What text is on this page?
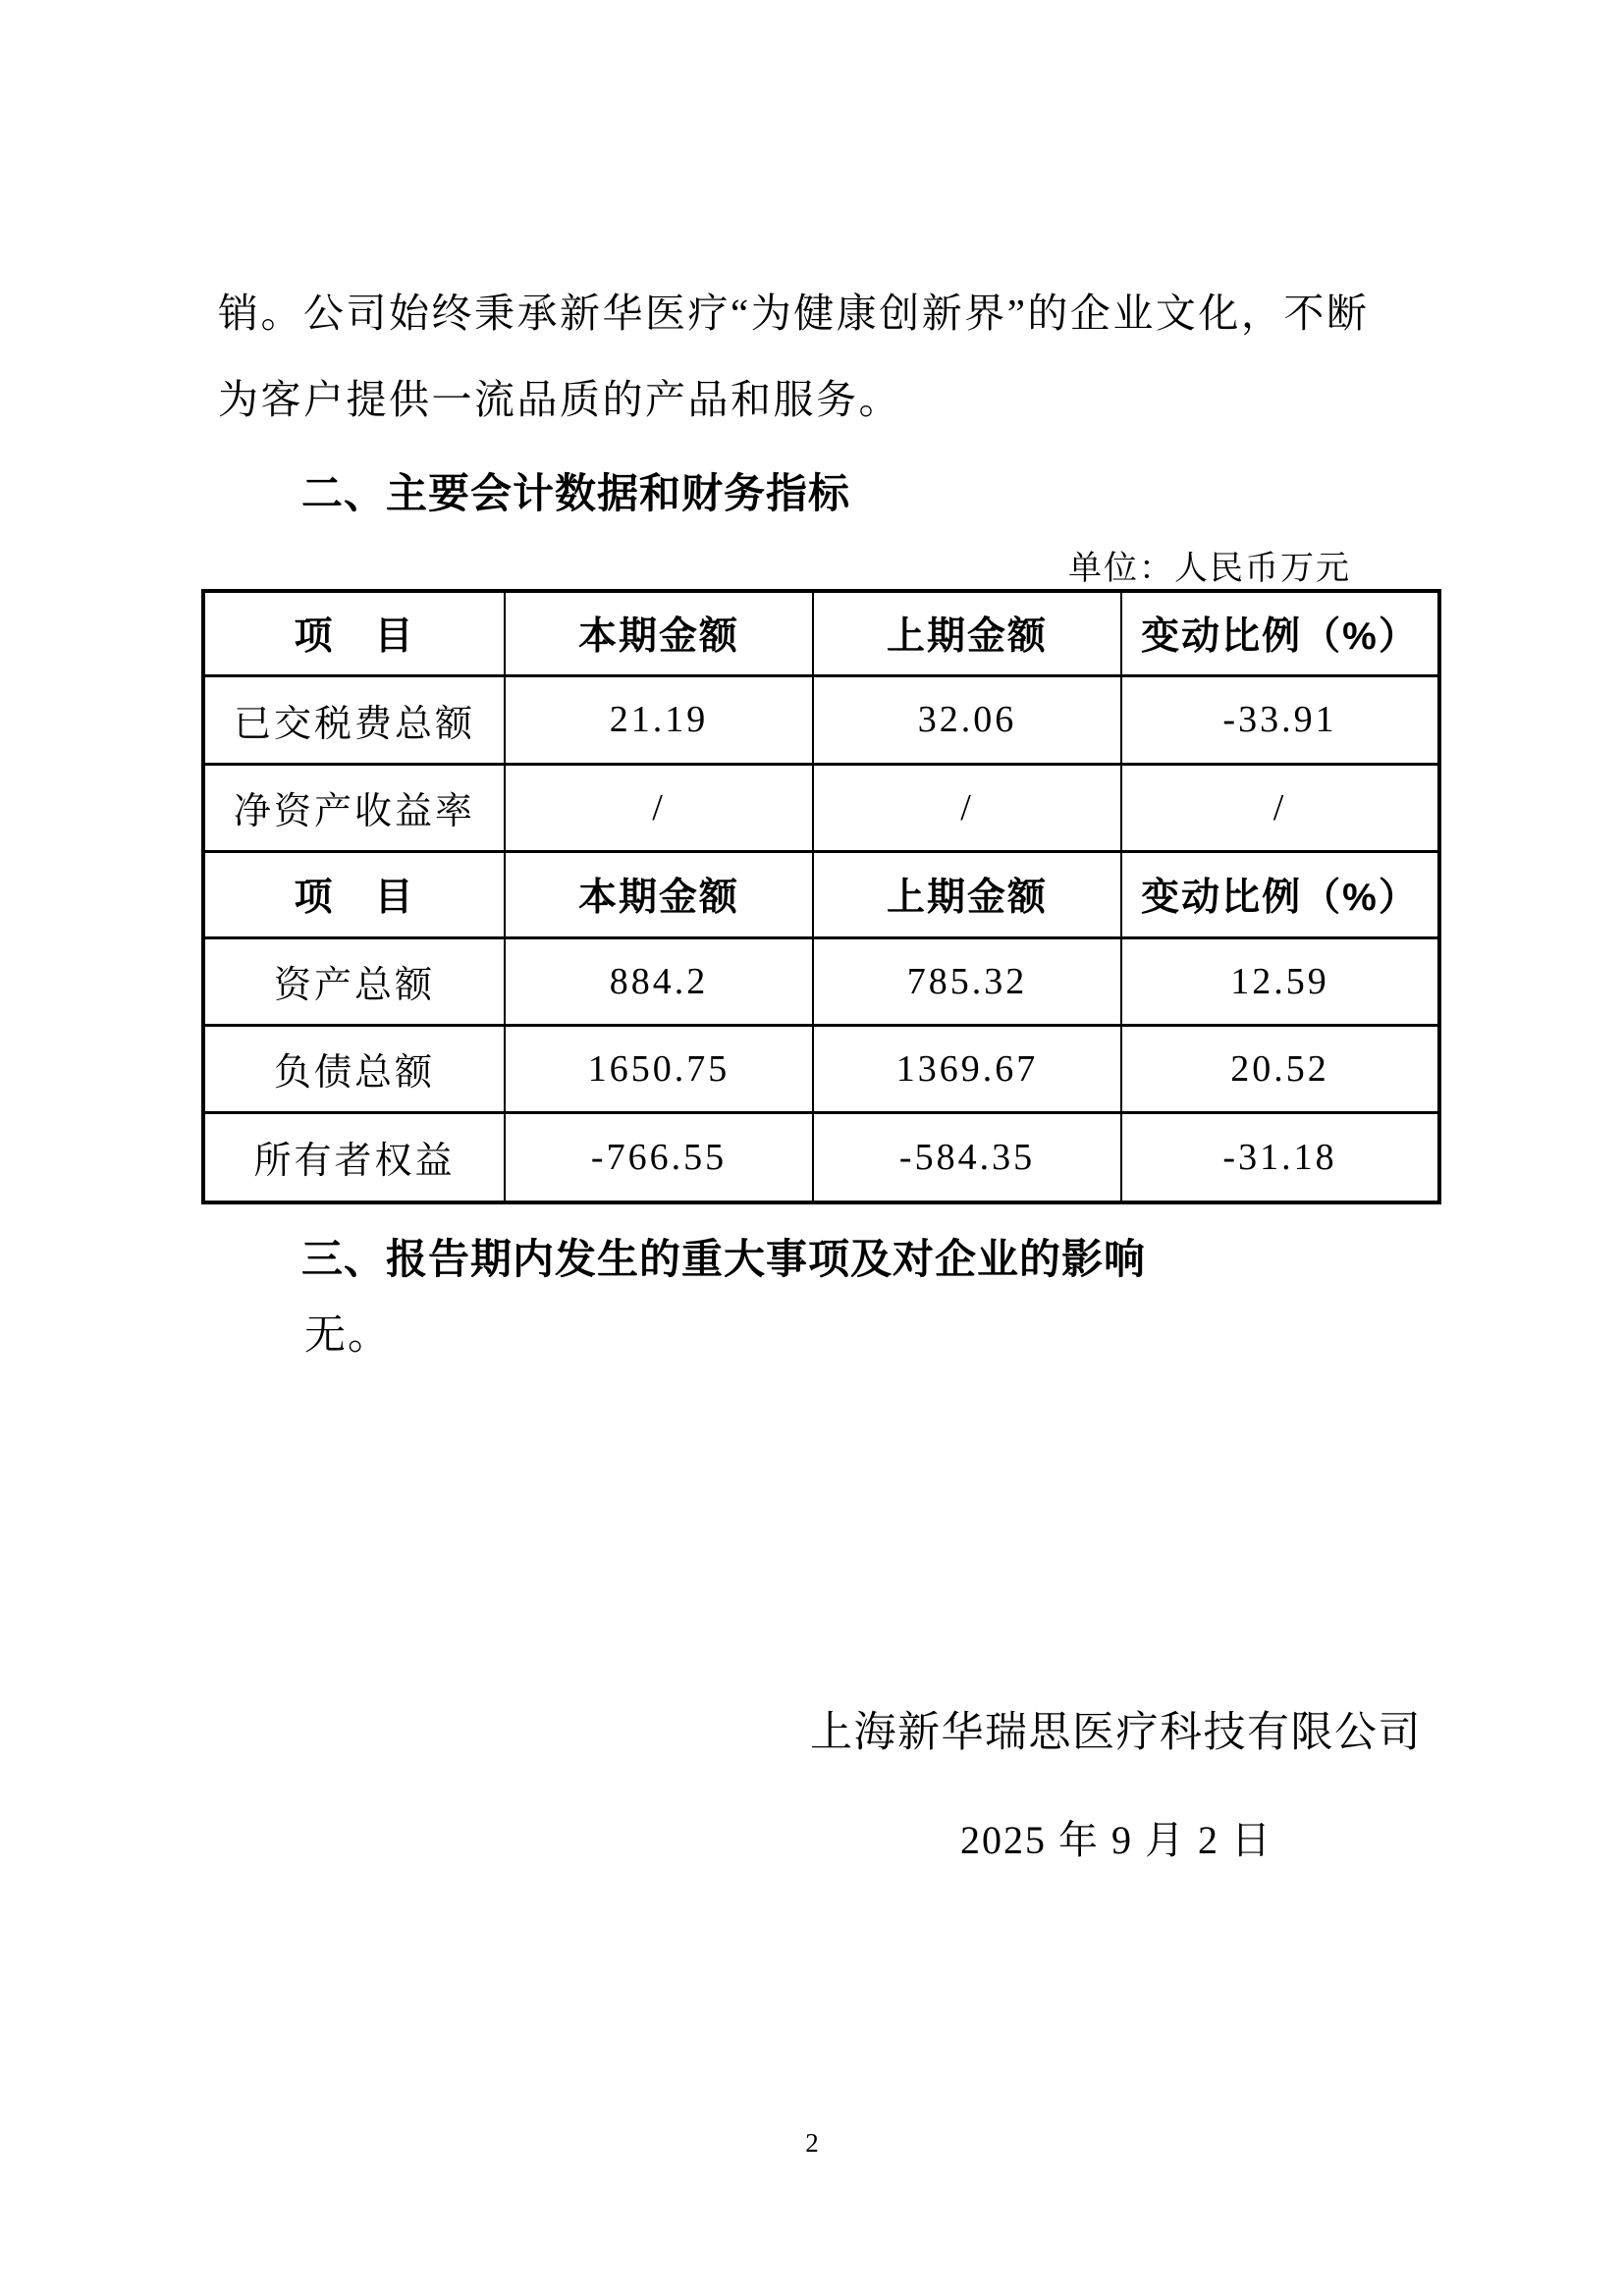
销。公司始终秉承新华医疗“为健康创新界”的企业文化，不断
为客户提供一流品质的产品和服务。
二、主要会计数据和财务指标
单位：人民币万元
项　目	本期金额	上期金额	变动比例（%）
已交税费总额	21.19	32.06	-33.91
净资产收益率	/	/	/
项　目	本期金额	上期金额	变动比例（%）
资产总额	884.2	785.32	12.59
负债总额	1650.75	1369.67	20.52
所有者权益	-766.55	-584.35	-31.18
三、报告期内发生的重大事项及对企业的影响
无。
上海新华瑞思医疗科技有限公司
2025 年 9 月 2 日
2
